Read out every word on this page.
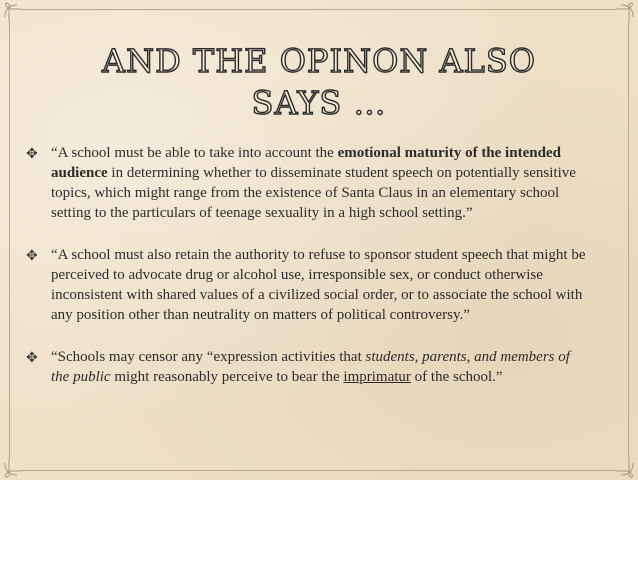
AND THE OPINON ALSO
SAYS …
✥ “A school must be able to take into account the emotional maturity of the intended audience in determining whether to disseminate student speech on potentially sensitive topics, which might range from the existence of Santa Claus in an elementary school setting to the particulars of teenage sexuality in a high school setting.”
✥ “A school must also retain the authority to refuse to sponsor student speech that might be perceived to advocate drug or alcohol use, irresponsible sex, or conduct otherwise inconsistent with shared values of a civilized social order, or to associate the school with any position other than neutrality on matters of political controversy.”
✥ “Schools may censor any “expression activities that students, parents, and members of the public might reasonably perceive to bear the imprimatur of the school.”
